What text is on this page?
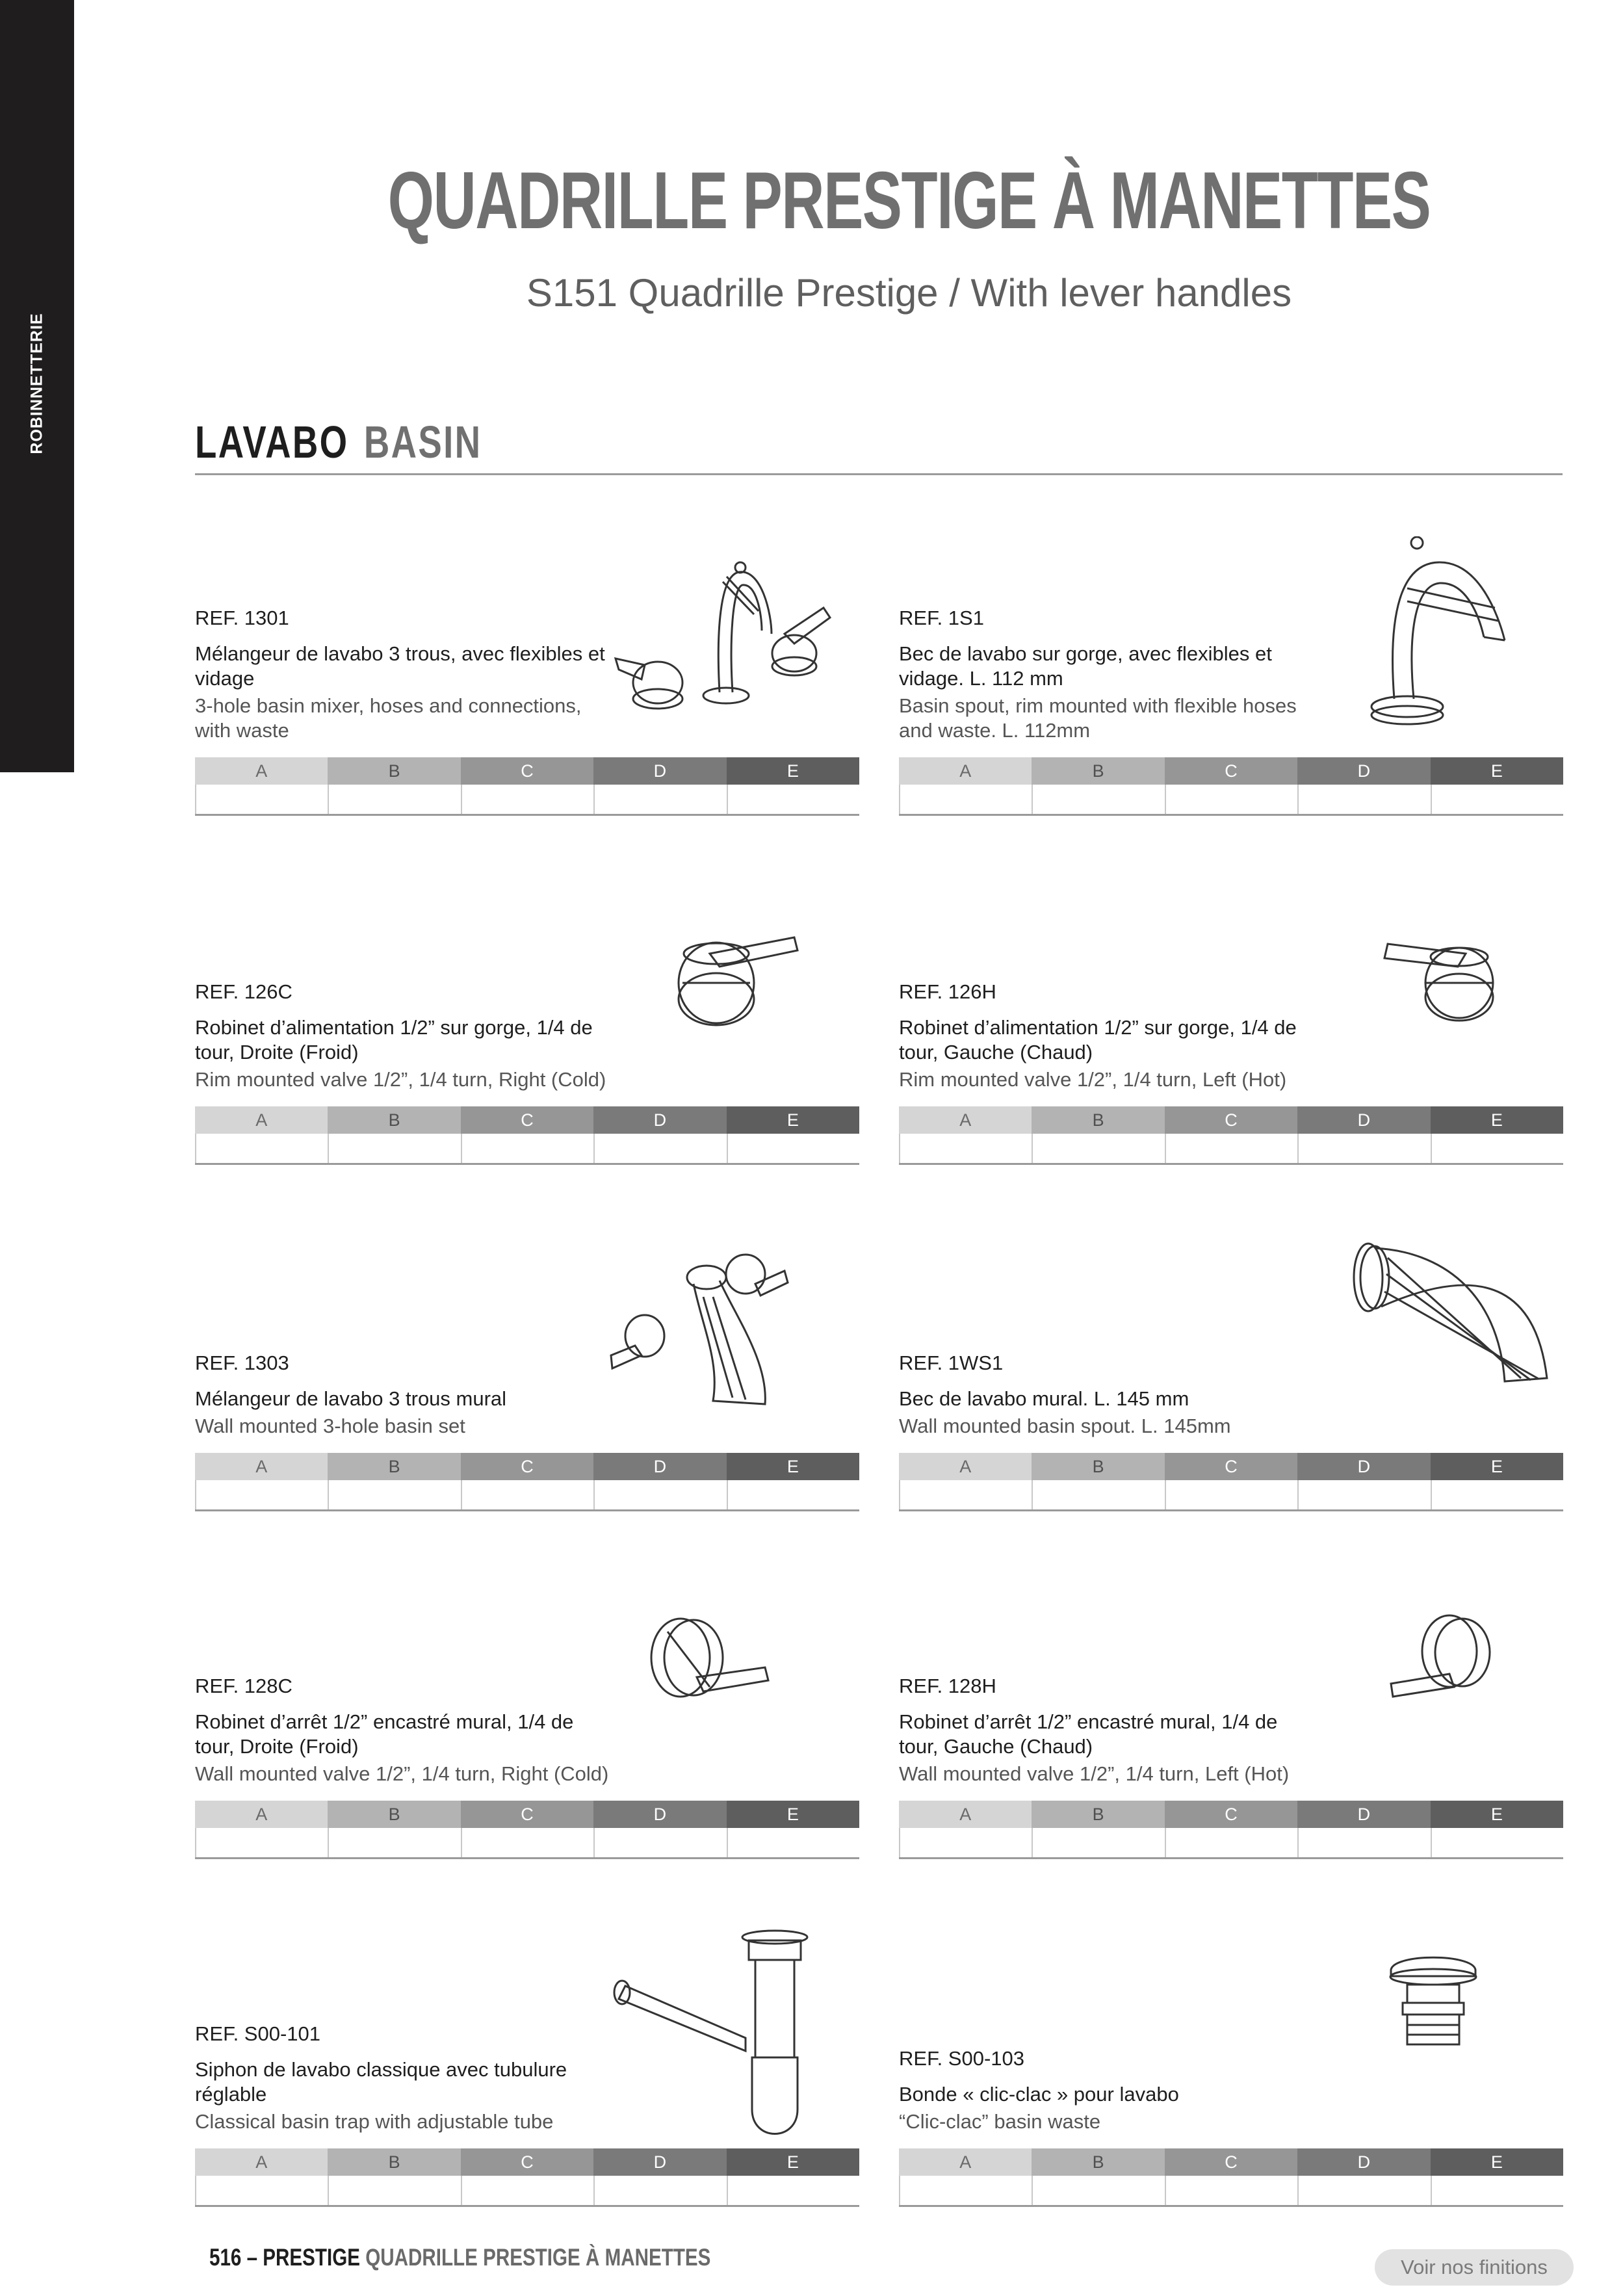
ROBINNETTERIE
QUADRILLE PRESTIGE À MANETTES
S151 Quadrille Prestige / With lever handles
LAVABO BASIN
REF. 1301
Mélangeur de lavabo 3 trous, avec flexibles et vidage
3-hole basin mixer, hoses and connections, with waste
A	B	C	D	E
REF. 1S1
Bec de lavabo sur gorge, avec flexibles et vidage. L. 112 mm
Basin spout, rim mounted with flexible hoses and waste. L. 112mm
A	B	C	D	E
REF. 126C
Robinet d’alimentation 1/2” sur gorge, 1/4 de tour, Droite (Froid)
Rim mounted valve 1/2”, 1/4 turn, Right (Cold)
A	B	C	D	E
REF. 126H
Robinet d’alimentation 1/2” sur gorge, 1/4 de tour, Gauche (Chaud)
Rim mounted valve 1/2”, 1/4 turn, Left (Hot)
A	B	C	D	E
REF. 1303
Mélangeur de lavabo 3 trous mural
Wall mounted 3-hole basin set
A	B	C	D	E
REF. 1WS1
Bec de lavabo mural. L. 145 mm
Wall mounted basin spout. L. 145mm
A	B	C	D	E
REF. 128C
Robinet d’arrêt 1/2” encastré mural, 1/4 de tour, Droite (Froid)
Wall mounted valve 1/2”, 1/4 turn, Right (Cold)
A	B	C	D	E
REF. 128H
Robinet d’arrêt 1/2” encastré mural, 1/4 de tour, Gauche (Chaud)
Wall mounted valve 1/2”, 1/4 turn, Left (Hot)
A	B	C	D	E
REF. S00-101
Siphon de lavabo classique avec tubulure réglable
Classical basin trap with adjustable tube
A	B	C	D	E
REF. S00-103
Bonde « clic-clac » pour lavabo
“Clic-clac” basin waste
A	B	C	D	E
516 – PRESTIGE QUADRILLE PRESTIGE À MANETTES	Voir nos finitions
